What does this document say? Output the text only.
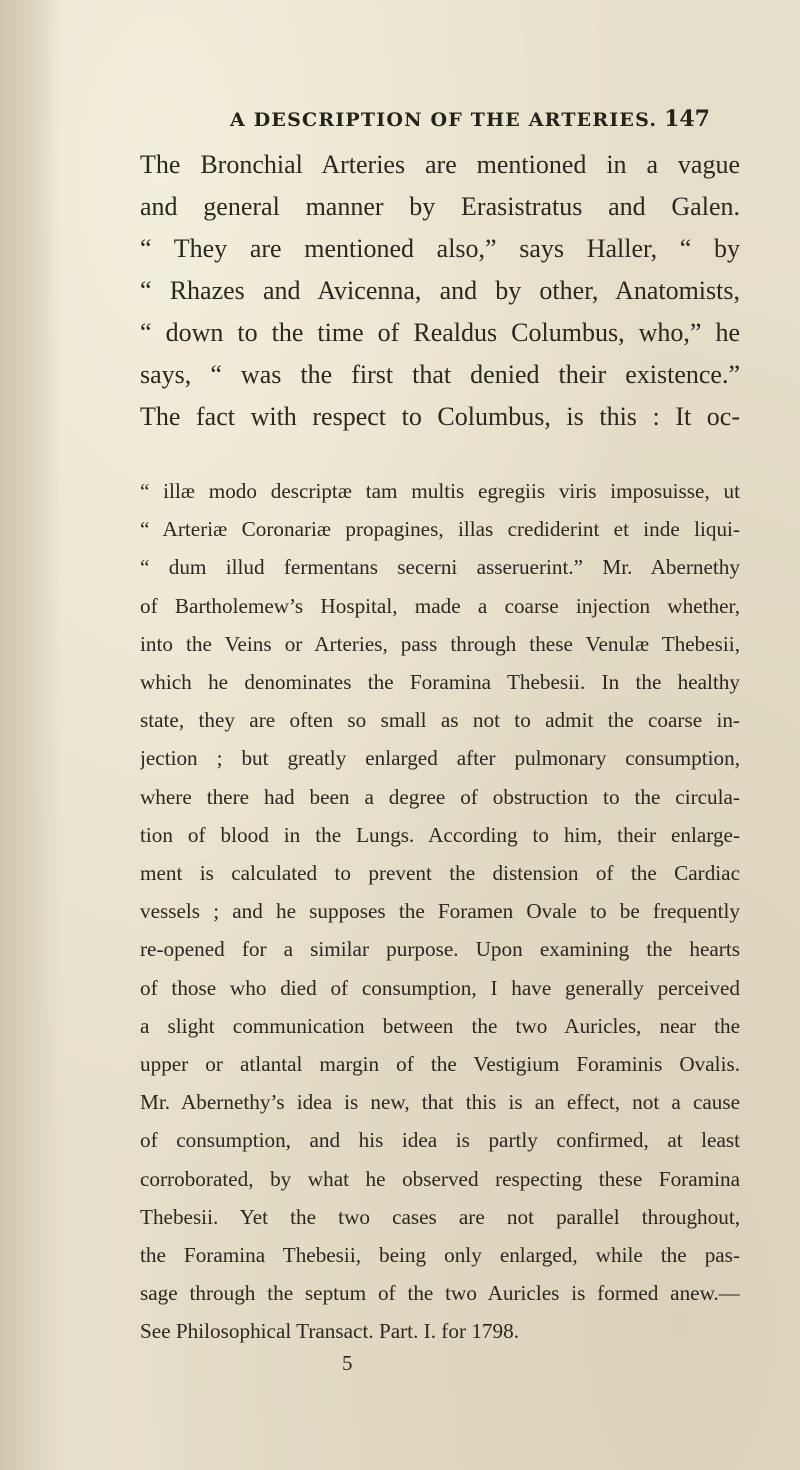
A DESCRIPTION OF THE ARTERIES. 147
The Bronchial Arteries are mentioned in a vague
and general manner by Erasistratus and Galen.
“ They are mentioned also,” says Haller, “ by
“ Rhazes and Avicenna, and by other, Anatomists,
“ down to the time of Realdus Columbus, who,” he
says, “ was the first that denied their existence.”
The fact with respect to Columbus, is this : It oc-
“ illæ modo descriptæ tam multis egregiis viris imposuisse, ut
“ Arteriæ Coronariæ propagines, illas crediderint et inde liqui-
“ dum illud fermentans secerni asseruerint.” Mr. Abernethy
of Bartholemew’s Hospital, made a coarse injection whether,
into the Veins or Arteries, pass through these Venulæ Thebesii,
which he denominates the Foramina Thebesii. In the healthy
state, they are often so small as not to admit the coarse in-
jection ; but greatly enlarged after pulmonary consumption,
where there had been a degree of obstruction to the circula-
tion of blood in the Lungs. According to him, their enlarge-
ment is calculated to prevent the distension of the Cardiac
vessels ; and he supposes the Foramen Ovale to be frequently
re-opened for a similar purpose. Upon examining the hearts
of those who died of consumption, I have generally perceived
a slight communication between the two Auricles, near the
upper or atlantal margin of the Vestigium Foraminis Ovalis.
Mr. Abernethy’s idea is new, that this is an effect, not a cause
of consumption, and his idea is partly confirmed, at least
corroborated, by what he observed respecting these Foramina
Thebesii. Yet the two cases are not parallel throughout,
the Foramina Thebesii, being only enlarged, while the pas-
sage through the septum of the two Auricles is formed anew.—
See Philosophical Transact. Part. I. for 1798.
5
